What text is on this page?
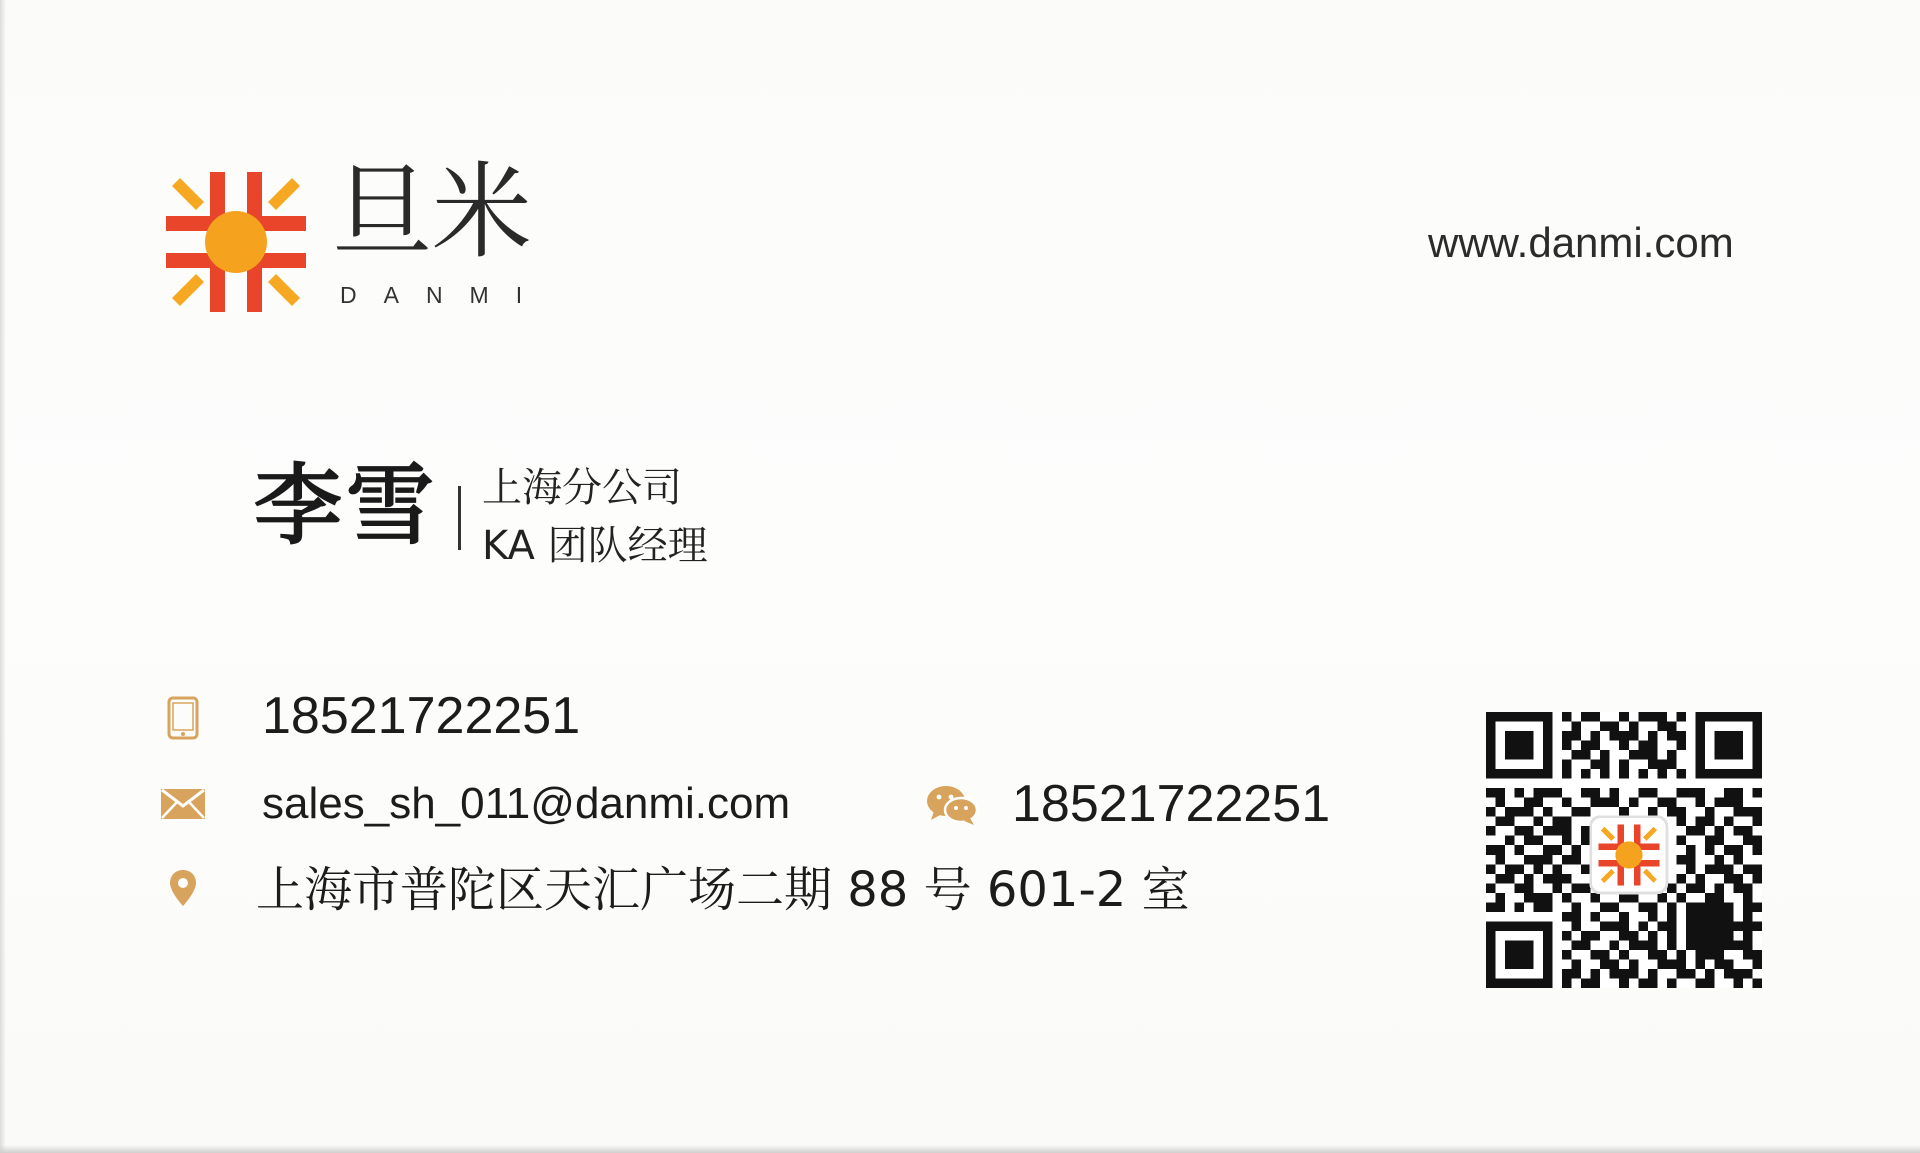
旦米
DANMI
www.danmi.com
李雪 上海分公司
KA 团队经理
18521722251
sales_sh_011@danmi.com	18521722251
上海市普陀区天汇广场二期 88 号 601-2 室
